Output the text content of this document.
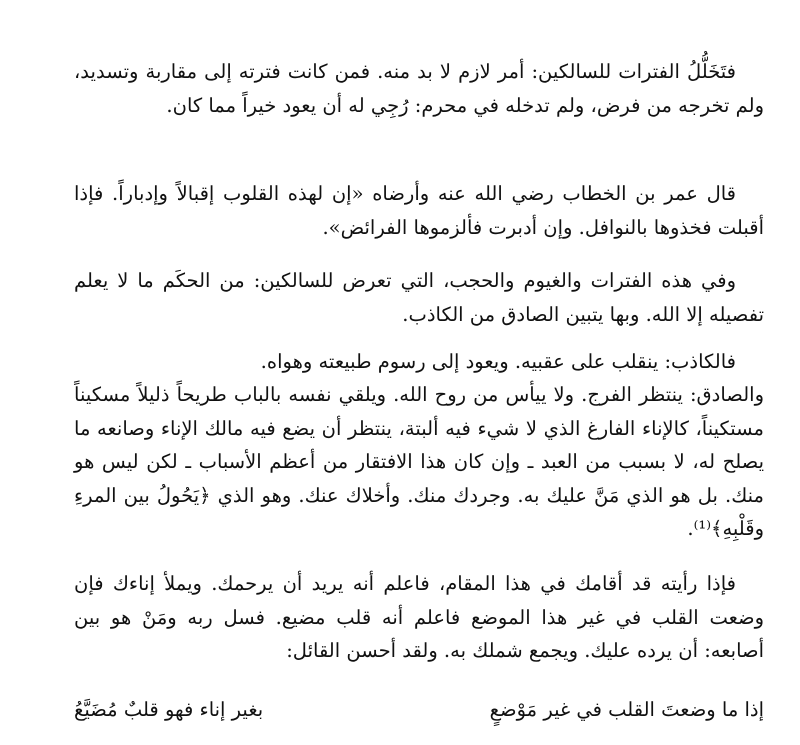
فتَخَلُّلُ الفترات للسالكين: أمر لازم لا بد منه. فمن كانت فترته إلى مقاربة وتسديد، ولم تخرجه من فرض، ولم تدخله في محرم: رُجِي له أن يعود خيراً مما كان.

قال عمر بن الخطاب رضي الله عنه وأرضاه «إن لهذه القلوب إقبالاً وإدباراً. فإذا أقبلت فخذوها بالنوافل. وإن أدبرت فألزموها الفرائض».

وفي هذه الفترات والغيوم والحجب، التي تعرض للسالكين: من الحكَم ما لا يعلم تفصيله إلا الله. وبها يتبين الصادق من الكاذب.

فالكاذب: ينقلب على عقبيه. ويعود إلى رسوم طبيعته وهواه.

والصادق: ينتظر الفرج. ولا ييأس من روح الله. ويلقي نفسه بالباب طريحاً ذليلاً مسكيناً مستكيناً، كالإناء الفارغ الذي لا شيء فيه ألبتة، ينتظر أن يضع فيه مالك الإناء وصانعه ما يصلح له، لا بسبب من العبد ـ وإن كان هذا الافتقار من أعظم الأسباب ـ لكن ليس هو منك. بل هو الذي مَنَّ عليك به. وجردك منك. وأخلاك عنك. وهو الذي ﴿يَحُولُ بين المرءِ وقَلْبِهِ﴾⁽¹⁾.

فإذا رأيته قد أقامك في هذا المقام، فاعلم أنه يريد أن يرحمك. ويملأ إناءك فإن وضعت القلب في غير هذا الموضع فاعلم أنه قلب مضيع. فسل ربه ومَنْ هو بين أصابعه: أن يرده عليك. ويجمع شملك به. ولقد أحسن القائل:

إذا ما وضعتَ القلب في غير مَوْضعٍ
بغير إناء فهو قلبٌ مُضَيَّعُ
